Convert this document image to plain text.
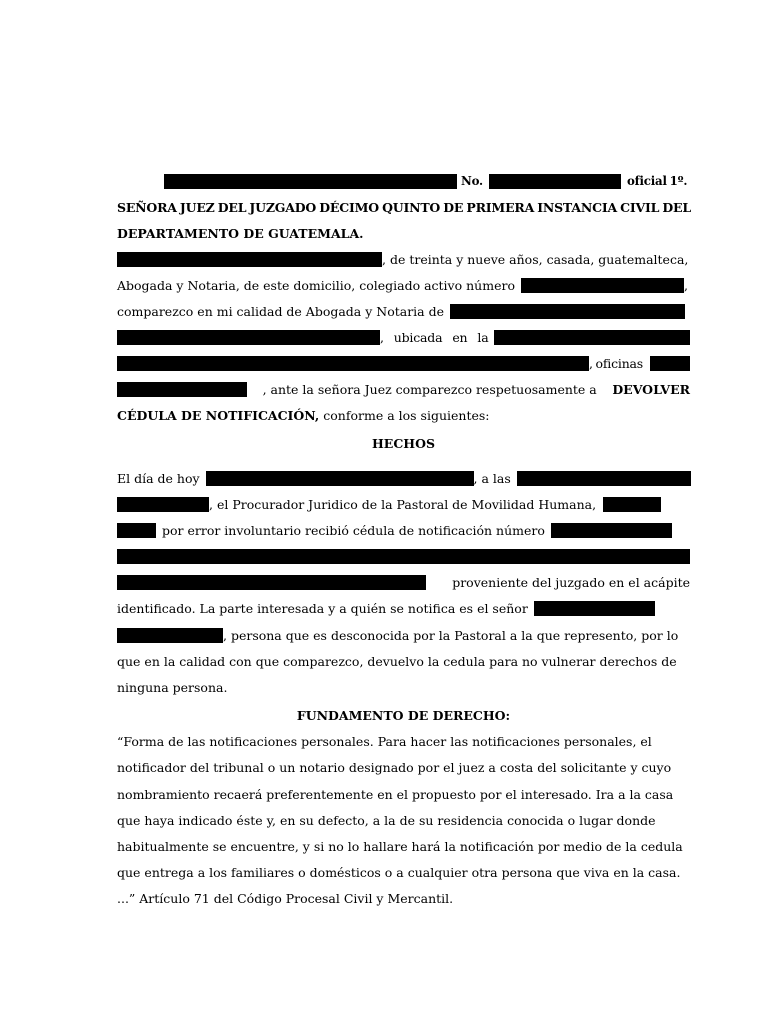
No.	oficial 1º.
SEÑORA JUEZ DEL JUZGADO DÉCIMO QUINTO DE PRIMERA INSTANCIA CIVIL DEL
DEPARTAMENTO DE GUATEMALA.
, de treinta y nueve años, casada, guatemalteca,
Abogada y Notaria, de este domicilio, colegiado activo número	,
comparezco en mi calidad de Abogada y Notaria de
, ubicada en la
, oficinas
, ante la señora Juez comparezco respetuosamente a DEVOLVER
CÉDULA DE NOTIFICACIÓN, conforme a los siguientes:
HECHOS
El día de hoy	, a las
, el Procurador Juridico de la Pastoral de Movilidad Humana,
por error involuntario recibió cédula de notificación número
proveniente del juzgado en el acápite
identificado. La parte interesada y a quién se notifica es el señor
, persona que es desconocida por la Pastoral a la que represento, por lo
que en la calidad con que comparezco, devuelvo la cedula para no vulnerar derechos de
ninguna persona.
FUNDAMENTO DE DERECHO:
“Forma de las notificaciones personales. Para hacer las notificaciones personales, el
notificador del tribunal o un notario designado por el juez a costa del solicitante y cuyo
nombramiento recaerá preferentemente en el propuesto por el interesado. Ira a la casa
que haya indicado éste y, en su defecto, a la de su residencia conocida o lugar donde
habitualmente se encuentre, y si no lo hallare hará la notificación por medio de la cedula
que entrega a los familiares o domésticos o a cualquier otra persona que viva en la casa.
...” Artículo 71 del Código Procesal Civil y Mercantil.
